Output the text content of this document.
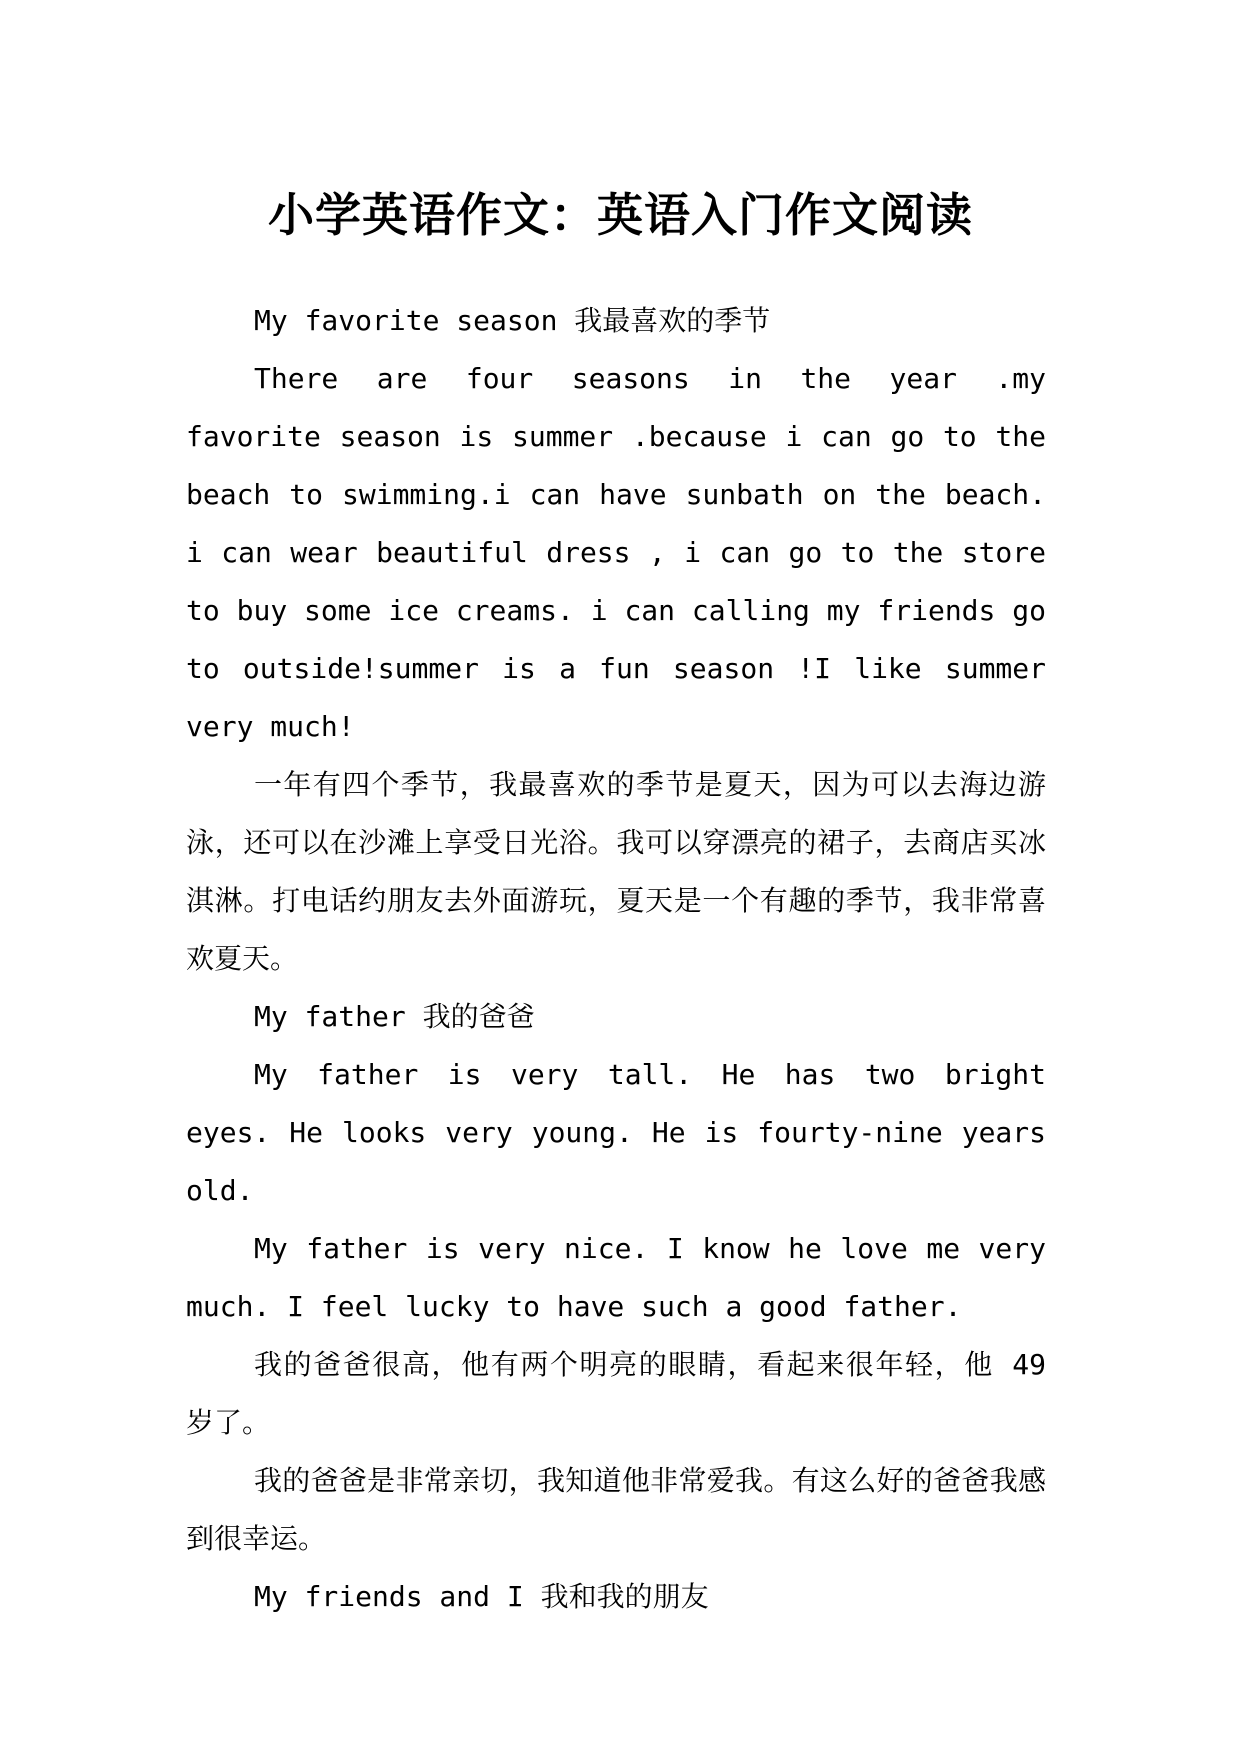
小学英语作文：英语入门作文阅读

My favorite season 我最喜欢的季节

There are four seasons in the year .my favorite season is summer .because i can go to the beach to swimming.i can have sunbath on the beach. i can wear beautiful dress , i can go to the store to buy some ice creams. i can calling my friends go to outside!summer is a fun season !I like summer very much!

一年有四个季节，我最喜欢的季节是夏天，因为可以去海边游泳，还可以在沙滩上享受日光浴。我可以穿漂亮的裙子，去商店买冰淇淋。打电话约朋友去外面游玩，夏天是一个有趣的季节，我非常喜欢夏天。

My father 我的爸爸

My father is very tall. He has two bright eyes. He looks very young. He is fourty-nine years old.

My father is very nice. I know he love me very much. I feel lucky to have such a good father.

我的爸爸很高，他有两个明亮的眼睛，看起来很年轻，他 49 岁了。

我的爸爸是非常亲切，我知道他非常爱我。有这么好的爸爸我感到很幸运。

My friends and I 我和我的朋友
